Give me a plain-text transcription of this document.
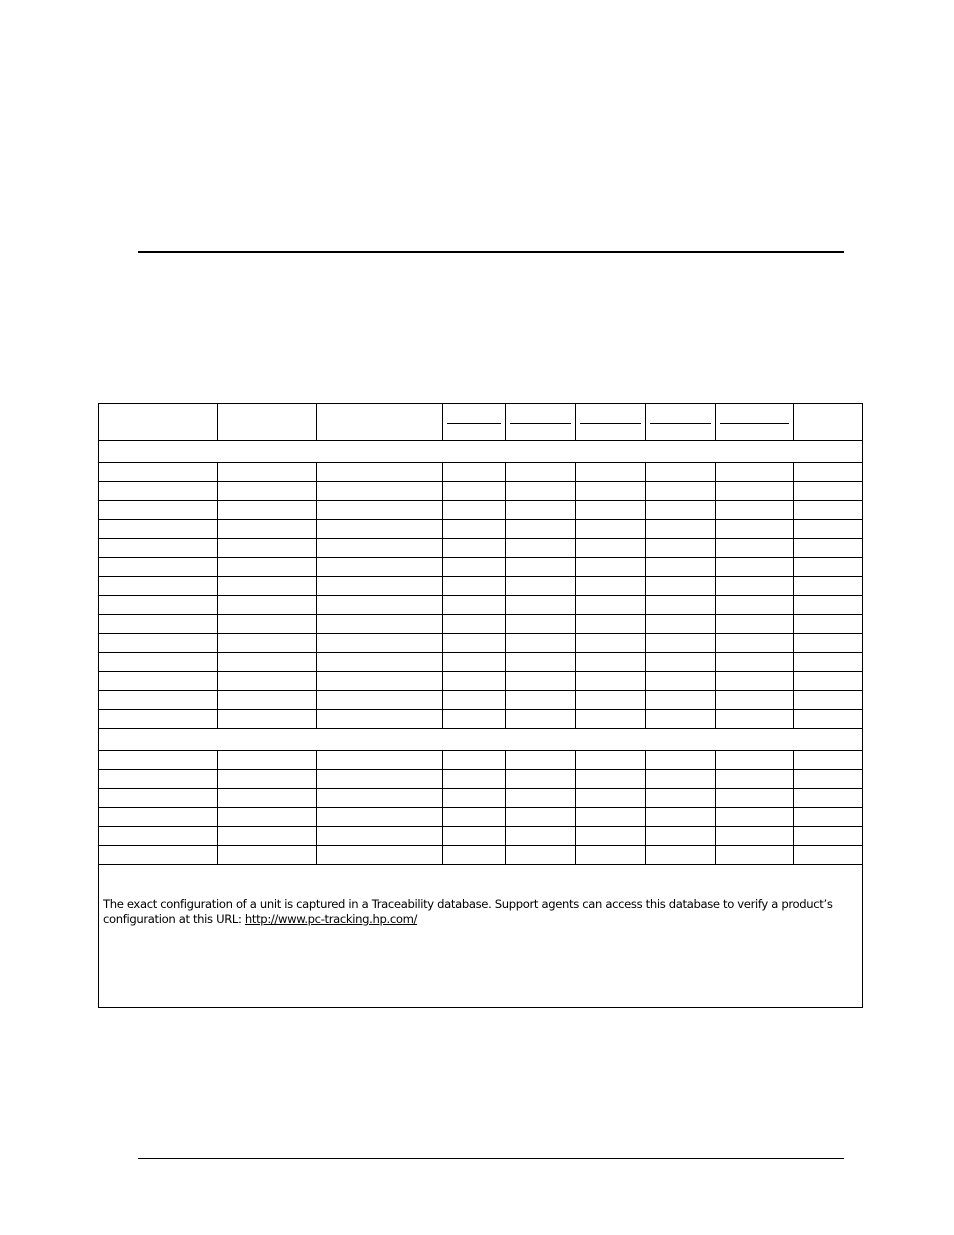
The exact configuration of a unit is captured in a Traceability database. Support agents can access this database to verify a product’s configuration at this URL: http://www.pc-tracking.hp.com/								
